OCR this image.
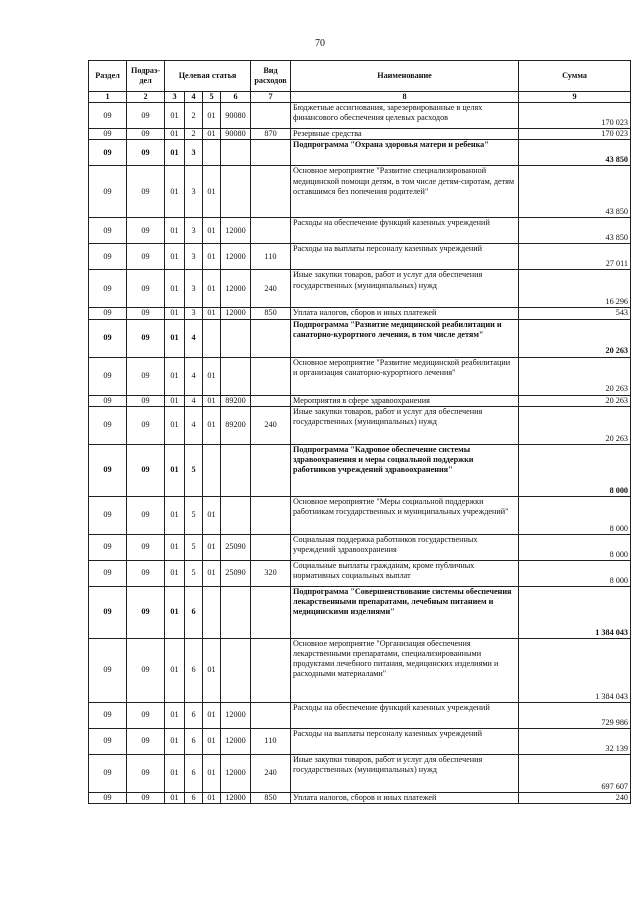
70
Раздел	Подраз-дел	Целевая статья				Вид расходов	Наименование	Сумма
1	2	3	4	5	6	7	8	9
09	09	01	2	01	90080		Бюджетные ассигнования, зарезервированные в целях финансового обеспечения целевых расходов	170 023
09	09	01	2	01	90080	870	Резервные средства	170 023
09	09	01	3				Подпрограмма "Охрана здоровья матери и ребенка"	43 850
09	09	01	3	01			Основное мероприятие "Развитие специализированной медицинской помощи детям, в том числе детям-сиротам, детям оставшимся без попечения родителей"	43 850
09	09	01	3	01	12000		Расходы на обеспечение функций казенных учреждений	43 850
09	09	01	3	01	12000	110	Расходы на выплаты персоналу казенных учреждений	27 011
09	09	01	3	01	12000	240	Иные закупки товаров, работ и услуг для обеспечения государственных (муниципальных) нужд	16 296
09	09	01	3	01	12000	850	Уплата налогов, сборов и иных платежей	543
09	09	01	4				Подпрограмма "Развитие медицинской реабилитации и санаторно-курортного лечения, в том числе детям"	20 263
09	09	01	4	01			Основное мероприятие "Развитие медицинской реабилитации и организация санаторно-курортного лечения"	20 263
09	09	01	4	01	89200		Мероприятия в сфере здравоохранения	20 263
09	09	01	4	01	89200	240	Иные закупки товаров, работ и услуг для обеспечения государственных (муниципальных) нужд	20 263
09	09	01	5				Подпрограмма "Кадровое обеспечение системы здравоохранения и меры социальной поддержки работников учреждений здравоохранения"	8 000
09	09	01	5	01			Основное мероприятие "Меры социальной поддержки работникам государственных и муниципальных учреждений"	8 000
09	09	01	5	01	25090		Социальная поддержка работников государственных учреждений здравоохранения	8 000
09	09	01	5	01	25090	320	Социальные выплаты гражданам, кроме публичных нормативных социальных выплат	8 000
09	09	01	6				Подпрограмма "Совершенствование системы обеспечения лекарственными препаратами, лечебным питанием и медицинскими изделиями"	1 384 043
09	09	01	6	01			Основное мероприятие "Организация обеспечения лекарственными препаратами, специализированными продуктами лечебного питания, медицинских изделиями и расходными материалами"	1 384 043
09	09	01	6	01	12000		Расходы на обеспечение функций казенных учреждений	729 986
09	09	01	6	01	12000	110	Расходы на выплаты персоналу казенных учреждений	32 139
09	09	01	6	01	12000	240	Иные закупки товаров, работ и услуг для обеспечения государственных (муниципальных) нужд	697 607
09	09	01	6	01	12000	850	Уплата налогов, сборов и иных платежей	240
